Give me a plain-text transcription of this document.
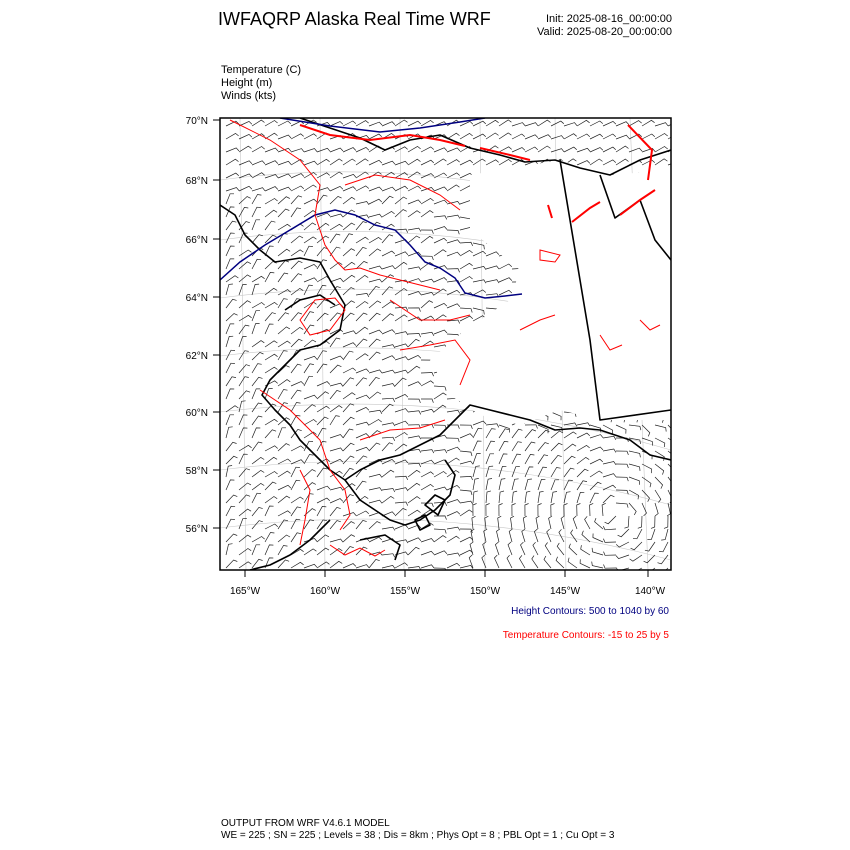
IWFAQRP Alaska Real Time WRF	Init: 2025-08-16_00:00:00
Valid: 2025-08-20_00:00:00
Temperature (C)
Height (m)
Winds (kts)
70°N
68°N
66°N
64°N
62°N
60°N
58°N
56°N
165°W	160°W	155°W	150°W	145°W	140°W
Height Contours: 500 to 1040 by 60
Temperature Contours: -15 to 25 by 5
OUTPUT FROM WRF V4.6.1 MODEL
WE = 225 ; SN = 225 ; Levels = 38 ; Dis = 8km ; Phys Opt = 8 ; PBL Opt = 1 ; Cu Opt = 3
